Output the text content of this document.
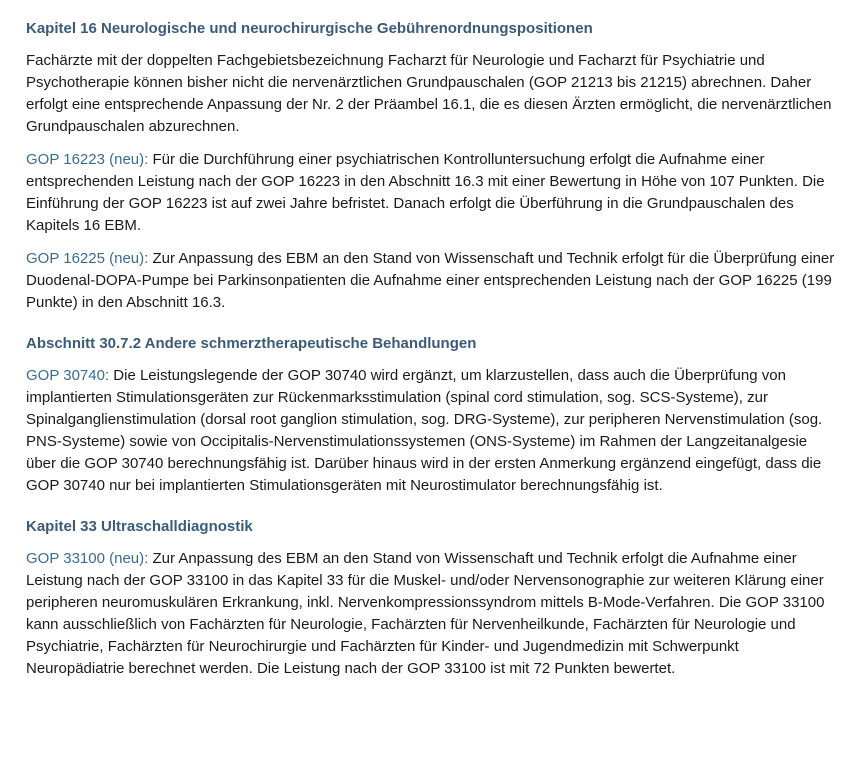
Kapitel 16 Neurologische und neurochirurgische Gebührenordnungspositionen

Fachärzte mit der doppelten Fachgebietsbezeichnung Facharzt für Neurologie und Facharzt für Psychiatrie und Psychotherapie können bisher nicht die nervenärztlichen Grundpauschalen (GOP 21213 bis 21215) abrechnen. Daher erfolgt eine entsprechende Anpassung der Nr. 2 der Präambel 16.1, die es diesen Ärzten ermöglicht, die nervenärztlichen Grundpauschalen abzurechnen.

GOP 16223 (neu): Für die Durchführung einer psychiatrischen Kontrolluntersuchung erfolgt die Aufnahme einer entsprechenden Leistung nach der GOP 16223 in den Abschnitt 16.3 mit einer Bewertung in Höhe von 107 Punkten. Die Einführung der GOP 16223 ist auf zwei Jahre befristet. Danach erfolgt die Überführung in die Grundpauschalen des Kapitels 16 EBM.

GOP 16225 (neu): Zur Anpassung des EBM an den Stand von Wissenschaft und Technik erfolgt für die Überprüfung einer Duodenal-DOPA-Pumpe bei Parkinsonpatienten die Aufnahme einer entsprechenden Leistung nach der GOP 16225 (199 Punkte) in den Abschnitt 16.3.

Abschnitt 30.7.2 Andere schmerztherapeutische Behandlungen

GOP 30740: Die Leistungslegende der GOP 30740 wird ergänzt, um klarzustellen, dass auch die Überprüfung von implantierten Stimulationsgeräten zur Rückenmarksstimulation (spinal cord stimulation, sog. SCS-Systeme), zur Spinalganglienstimulation (dorsal root ganglion stimulation, sog. DRG-Systeme), zur peripheren Nervenstimulation (sog. PNS-Systeme) sowie von Occipitalis-Nervenstimulationssystemen (ONS-Systeme) im Rahmen der Langzeitanalgesie über die GOP 30740 berechnungsfähig ist. Darüber hinaus wird in der ersten Anmerkung ergänzend eingefügt, dass die GOP 30740 nur bei implantierten Stimulationsgeräten mit Neurostimulator berechnungsfähig ist.

Kapitel 33 Ultraschalldiagnostik

GOP 33100 (neu): Zur Anpassung des EBM an den Stand von Wissenschaft und Technik erfolgt die Aufnahme einer Leistung nach der GOP 33100 in das Kapitel 33 für die Muskel- und/oder Nervensonographie zur weiteren Klärung einer peripheren neuromuskulären Erkrankung, inkl. Nervenkompressionssyndrom mittels B-Mode-Verfahren. Die GOP 33100 kann ausschließlich von Fachärzten für Neurologie, Fachärzten für Nervenheilkunde, Fachärzten für Neurologie und Psychiatrie, Fachärzten für Neurochirurgie und Fachärzten für Kinder- und Jugendmedizin mit Schwerpunkt Neuropädiatrie berechnet werden. Die Leistung nach der GOP 33100 ist mit 72 Punkten bewertet.
